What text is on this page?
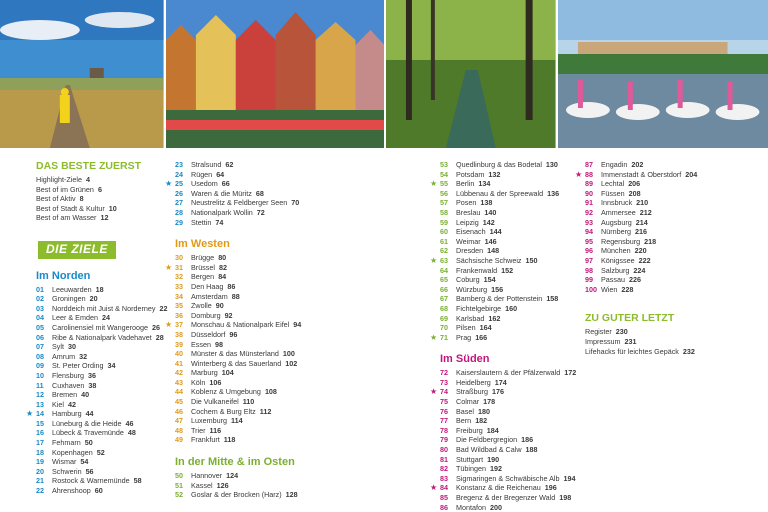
DAS BESTE ZUERST
Highlight-Ziele 4
Best of im Grünen 6
Best of Aktiv 8
Best of Stadt & Kultur 10
Best of am Wasser 12
DIE ZIELE
Im Norden
01	Leeuwarden 18
02	Groningen 20
03	Norddeich mit Juist & Norderney 22
04	Leer & Emden 24
05	Carolinensiel mit Wangerooge 26
06	Ribe & Nationalpark Vadehavet 28
07	Sylt 30
08	Amrum 32
09	St. Peter Ording 34
10	Flensburg 36
11	Cuxhaven 38
12	Bremen 40
13	Kiel 42
★ 14	Hamburg 44
15	Lüneburg & die Heide 46
16	Lübeck & Travemünde 48
17	Fehmarn 50
18	Kopenhagen 52
19	Wismar 54
20	Schwerin 56
21	Rostock & Warnemünde 58
22	Ahrenshoop 60
23	Stralsund 62
24	Rügen 64
★ 25	Usedom 66
26	Waren & die Müritz 68
27	Neustrelitz & Feldberger Seen 70
28	Nationalpark Wollin 72
29	Stettin 74
Im Westen
30	Brügge 80
★ 31	Brüssel 82
32	Bergen 84
33	Den Haag 86
34	Amsterdam 88
35	Zwolle 90
36	Domburg 92
★ 37	Monschau & Nationalpark Eifel 94
38	Düsseldorf 96
39	Essen 98
40	Münster & das Münsterland 100
41	Winterberg & das Sauerland 102
42	Marburg 104
43	Köln 106
44	Koblenz & Umgebung 108
45	Die Vulkaneifel 110
46	Cochem & Burg Eltz 112
47	Luxemburg 114
48	Trier 116
49	Frankfurt 118
In der Mitte & im Osten
50	Hannover 124
51	Kassel 126
52	Goslar & der Brocken (Harz) 128
53	Quedlinburg & das Bodetal 130
54	Potsdam 132
★ 55	Berlin 134
56	Lübbenau & der Spreewald 136
57	Posen 138
58	Breslau 140
59	Leipzig 142
60	Eisenach 144
61	Weimar 146
62	Dresden 148
★ 63	Sächsische Schweiz 150
64	Frankenwald 152
65	Coburg 154
66	Würzburg 156
67	Bamberg & der Pottenstein 158
68	Fichtelgebirge 160
69	Karlsbad 162
70	Pilsen 164
★ 71	Prag 166
Im Süden
72	Kaiserslautern & der Pfälzerwald 172
73	Heidelberg 174
★ 74	Straßburg 176
75	Colmar 178
76	Basel 180
77	Bern 182
78	Freiburg 184
79	Die Feldbergregion 186
80	Bad Wildbad & Calw 188
81	Stuttgart 190
82	Tübingen 192
83	Sigmaringen & Schwäbische Alb 194
★ 84	Konstanz & die Reichenau 196
85	Bregenz & der Bregenzer Wald 198
86	Montafon 200
87	Engadin 202
★ 88	Immenstadt & Oberstdorf 204
89	Lechtal 206
90	Füssen 208
91	Innsbruck 210
92	Ammersee 212
93	Augsburg 214
94	Nürnberg 216
95	Regensburg 218
96	München 220
97	Königssee 222
98	Salzburg 224
99	Passau 226
100 Wien 228
ZU GUTER LETZT
Register 230
Impressum 231
Lifehacks für leichtes Gepäck 232
